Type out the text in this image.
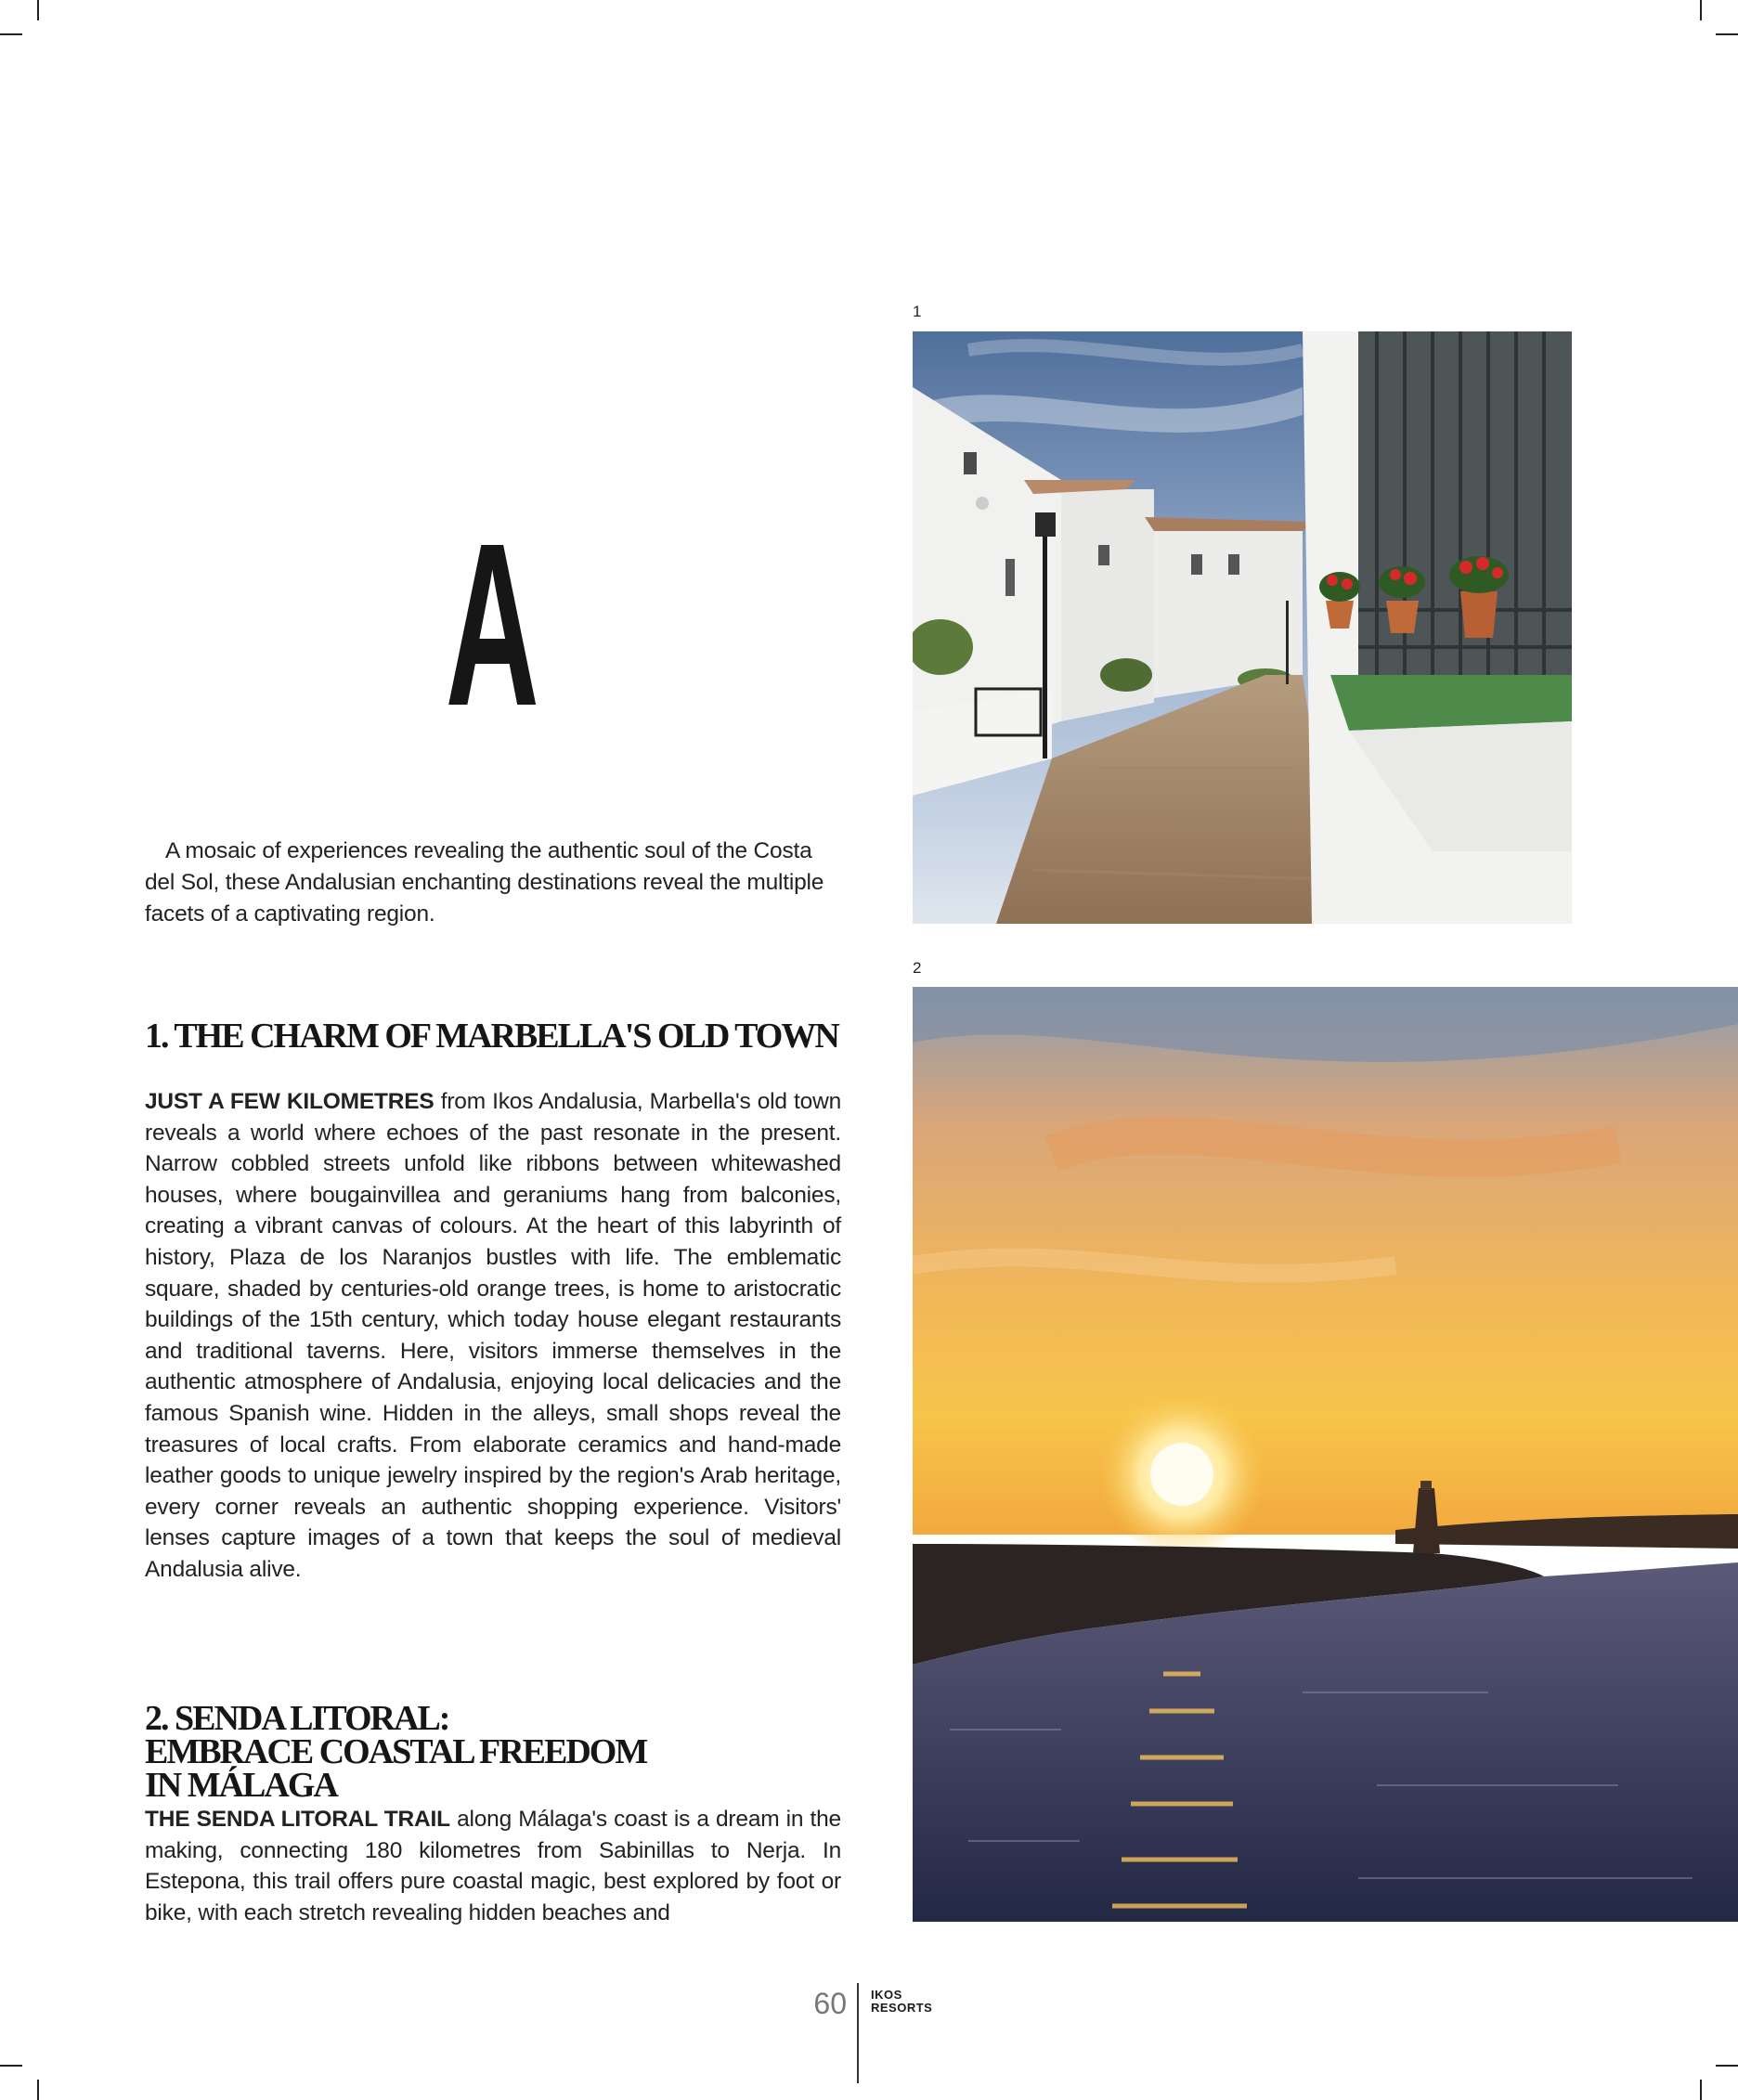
A

A mosaic of experiences revealing the authentic soul of the Costa del Sol, these Andalusian enchanting destinations reveal the multiple facets of a captivating region.

1. THE CHARM OF MARBELLA'S OLD TOWN

JUST A FEW KILOMETRES from Ikos Andalusia, Marbella's old town reveals a world where echoes of the past resonate in the present. Narrow cobbled streets unfold like ribbons between whitewashed houses, where bougainvillea and geraniums hang from balconies, creating a vibrant canvas of colours. At the heart of this labyrinth of history, Plaza de los Naranjos bustles with life. The emblematic square, shaded by centuries-old orange trees, is home to aristocratic buildings of the 15th century, which today house elegant restaurants and traditional taverns. Here, visitors immerse themselves in the authentic atmosphere of Andalusia, enjoying local delicacies and the famous Spanish wine. Hidden in the alleys, small shops reveal the treasures of local crafts. From elaborate ceramics and hand-made leather goods to unique jewelry inspired by the region's Arab heritage, every corner reveals an authentic shopping experience. Visitors' lenses capture images of a town that keeps the soul of medieval Andalusia alive.

2. SENDA LITORAL:
EMBRACE COASTAL FREEDOM
IN MÁLAGA

THE SENDA LITORAL TRAIL along Málaga's coast is a dream in the making, connecting 180 kilometres from Sabinillas to Nerja. In Estepona, this trail offers pure coastal magic, best explored by foot or bike, with each stretch revealing hidden beaches and

1
2
60 IKOS
RESORTS
